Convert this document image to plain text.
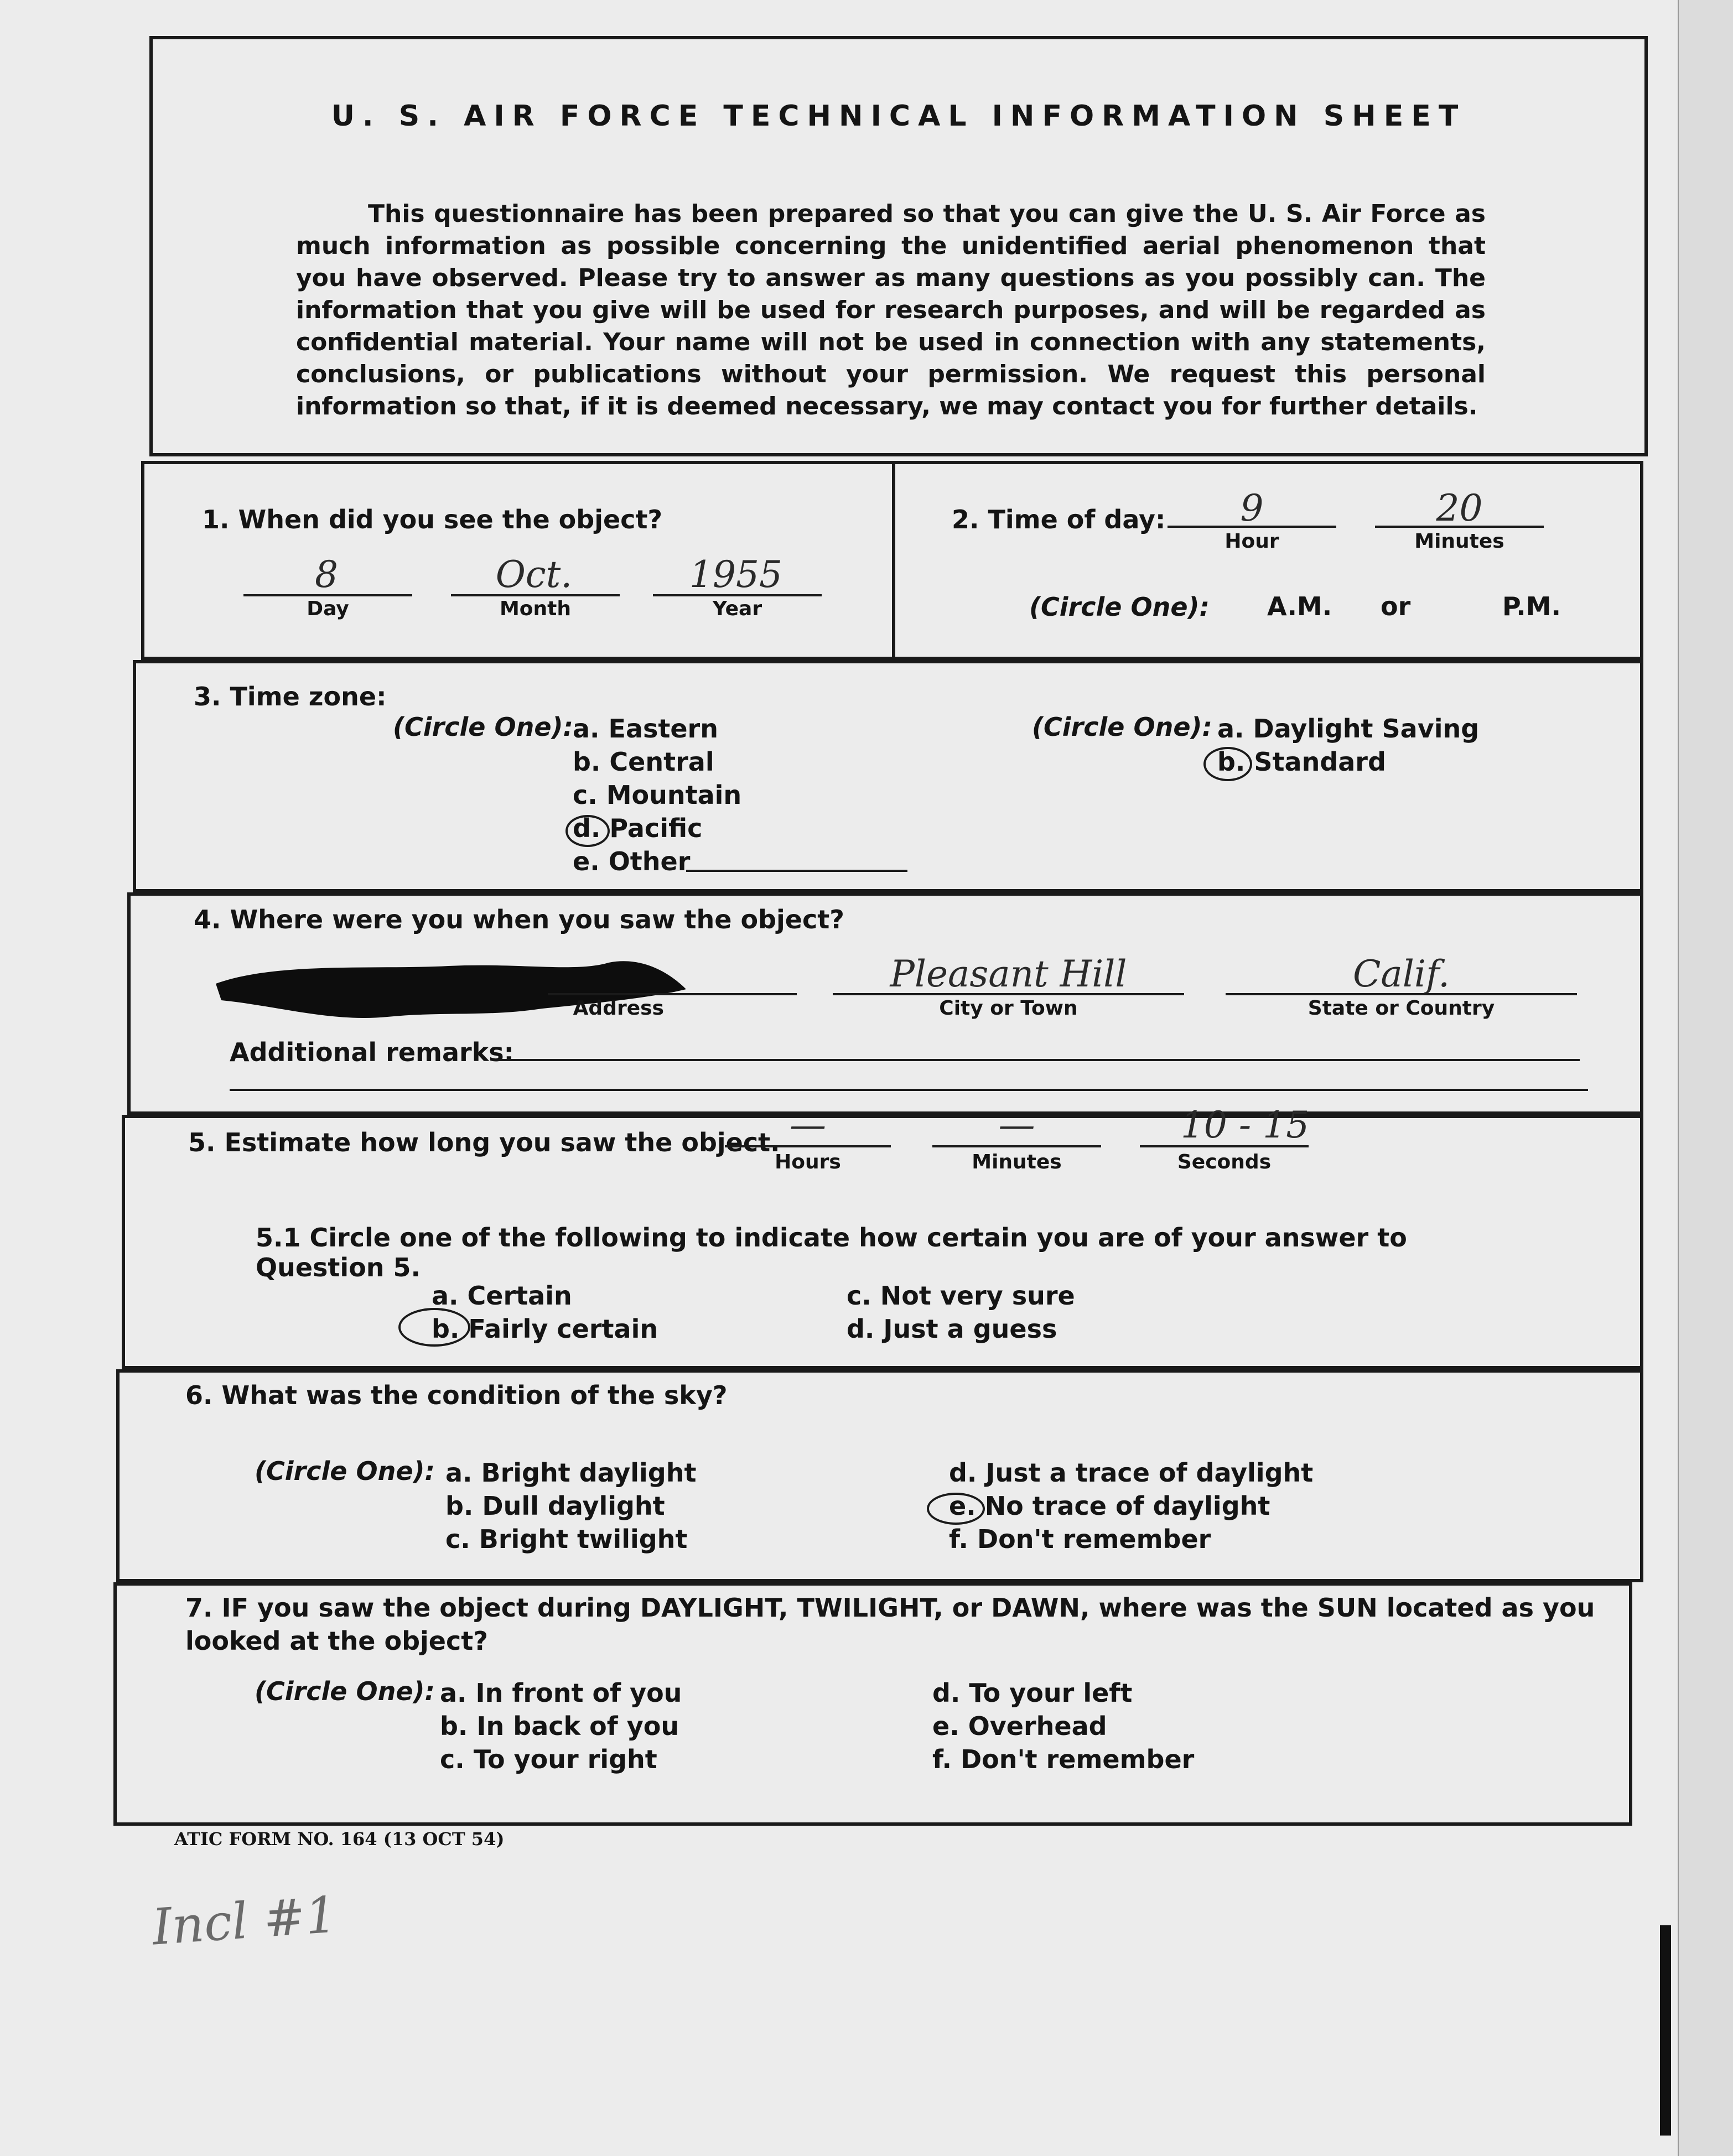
U. S. AIR FORCE TECHNICAL INFORMATION SHEET
This questionnaire has been prepared so that you can give the U. S. Air Force as much information as possible concerning the unidentified aerial phenomenon that you have observed. Please try to answer as many questions as you possibly can. The information that you give will be used for research purposes, and will be regarded as confidential material. Your name will not be used in connection with any statements, conclusions, or publications without your permission. We request this personal information so that, if it is deemed necessary, we may contact you for further details.
1. When did you see the object?
8
Day
Oct.
Month
1955
Year
2. Time of day:	9
Hour
20
Minutes
(Circle One): A.M. or	P.M.
3. Time zone:
(Circle One): a. Eastern
b. Central
c. Mountain
d. Pacific
e. Other
(Circle One): a. Daylight Saving
b. Standard
4. Where were you when you saw the object?
Address
Pleasant Hill
City or Town
Calif.
State or Country
Additional remarks:
5. Estimate how long you saw the object. —
Hours
—
Minutes
10 - 15
Seconds
5.1 Circle one of the following to indicate how certain you are of your answer to Question 5.
a. Certain
b. Fairly certain
c. Not very sure
d. Just a guess
6. What was the condition of the sky?
(Circle One): a. Bright daylight
b. Dull daylight
c. Bright twilight
d. Just a trace of daylight
e. No trace of daylight
f. Don't remember
7. IF you saw the object during DAYLIGHT, TWILIGHT, or DAWN, where was the SUN located as you looked at the object?
(Circle One): a. In front of you
b. In back of you
c. To your right
d. To your left
e. Overhead
f. Don't remember
ATIC FORM NO. 164 (13 OCT 54)
Incl #1
